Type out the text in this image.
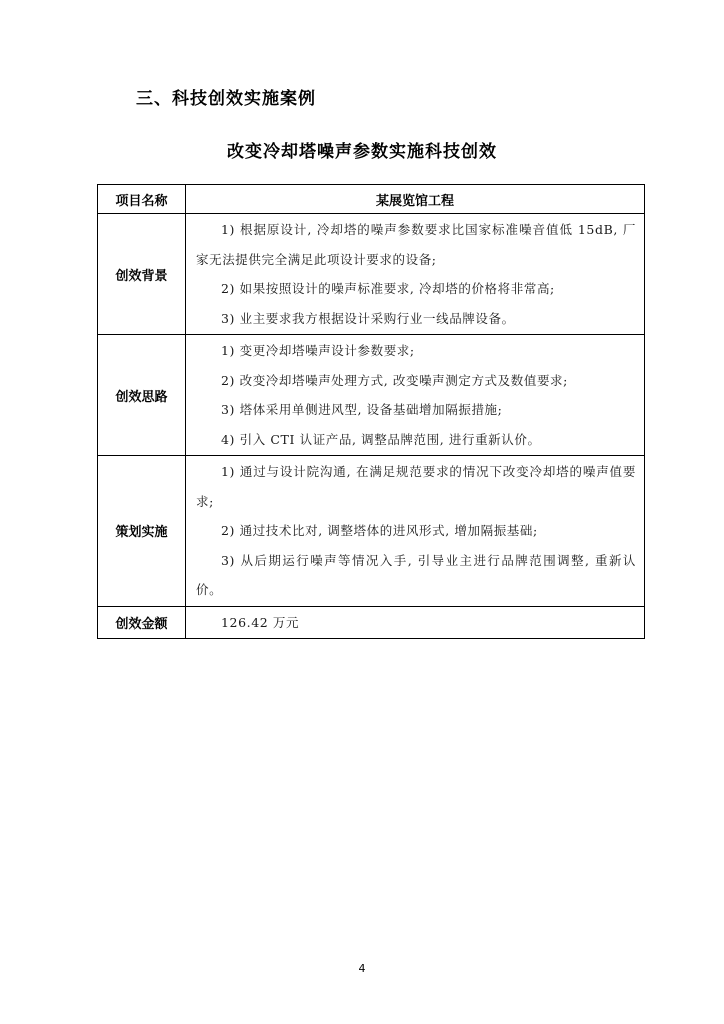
三、科技创效实施案例
改变冷却塔噪声参数实施科技创效
项目名称	某展览馆工程
创效背景	1) 根据原设计, 冷却塔的噪声参数要求比国家标准噪音值低 15dB, 厂家无法提供完全满足此项设计要求的设备;

2) 如果按照设计的噪声标准要求, 冷却塔的价格将非常高;

3) 业主要求我方根据设计采购行业一线品牌设备。

创效思路	1) 变更冷却塔噪声设计参数要求;

2) 改变冷却塔噪声处理方式, 改变噪声测定方式及数值要求;

3) 塔体采用单侧进风型, 设备基础增加隔振措施;

4) 引入 CTI 认证产品, 调整品牌范围, 进行重新认价。

策划实施	1) 通过与设计院沟通, 在满足规范要求的情况下改变冷却塔的噪声值要求;

2) 通过技术比对, 调整塔体的进风形式, 增加隔振基础;

3) 从后期运行噪声等情况入手, 引导业主进行品牌范围调整, 重新认价。

创效金额	126.42 万元

4
